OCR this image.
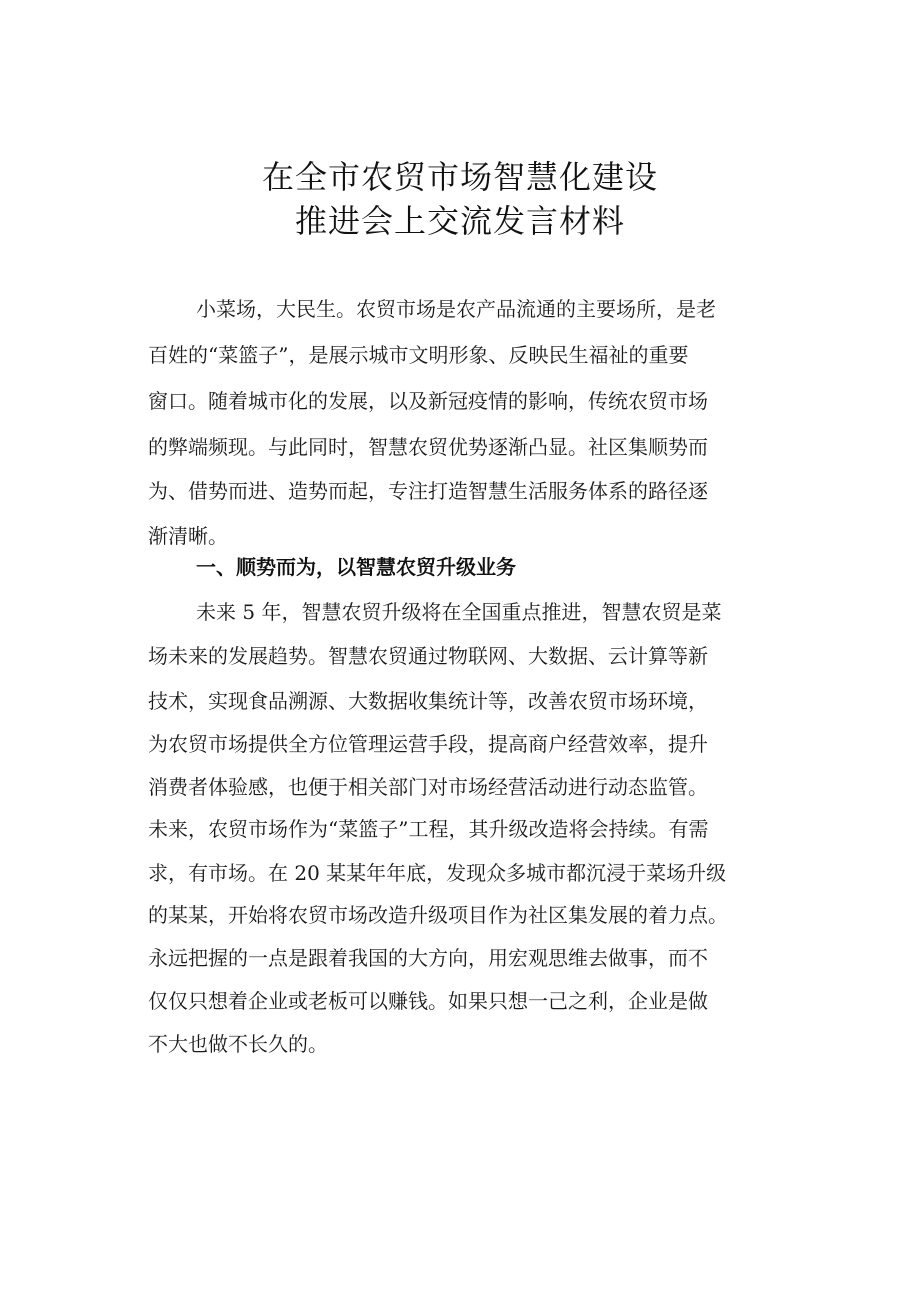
在全市农贸市场智慧化建设
推进会上交流发言材料
小菜场，大民生。农贸市场是农产品流通的主要场所，是老
百姓的“菜篮子”，是展示城市文明形象、反映民生福祉的重要
窗口。随着城市化的发展，以及新冠疫情的影响，传统农贸市场
的弊端频现。与此同时，智慧农贸优势逐渐凸显。社区集顺势而
为、借势而进、造势而起，专注打造智慧生活服务体系的路径逐
渐清晰。
一、顺势而为，以智慧农贸升级业务
未来 5 年，智慧农贸升级将在全国重点推进，智慧农贸是菜
场未来的发展趋势。智慧农贸通过物联网、大数据、云计算等新
技术，实现食品溯源、大数据收集统计等，改善农贸市场环境，
为农贸市场提供全方位管理运营手段，提高商户经营效率，提升
消费者体验感，也便于相关部门对市场经营活动进行动态监管。
未来，农贸市场作为“菜篮子”工程，其升级改造将会持续。有需
求，有市场。在 20 某某年年底，发现众多城市都沉浸于菜场升级
的某某，开始将农贸市场改造升级项目作为社区集发展的着力点。
永远把握的一点是跟着我国的大方向，用宏观思维去做事，而不
仅仅只想着企业或老板可以赚钱。如果只想一己之利，企业是做
不大也做不长久的。
